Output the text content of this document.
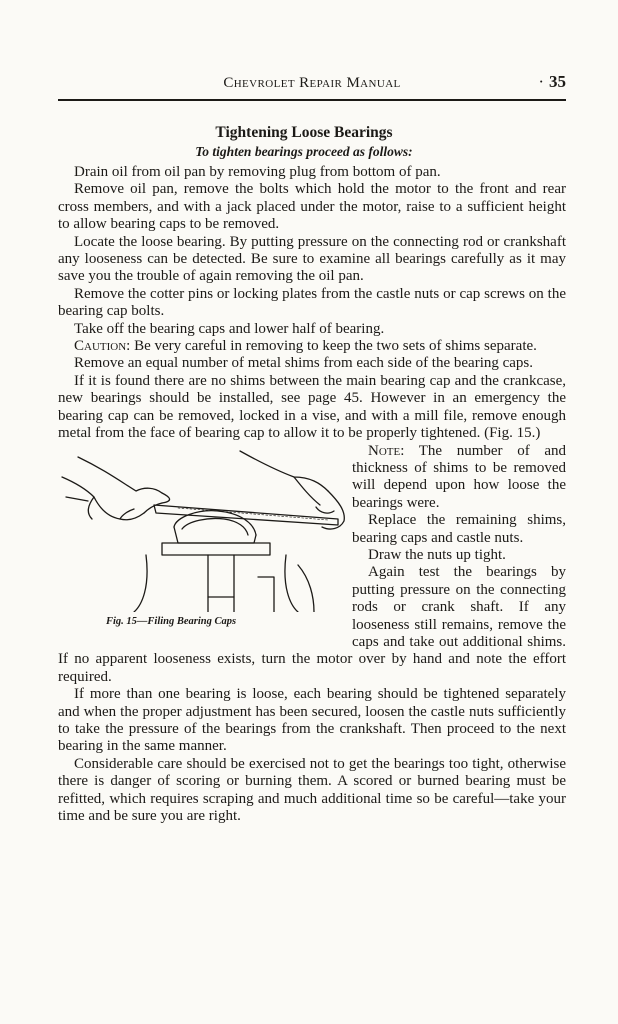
Chevrolet Repair Manual	· 35
Tightening Loose Bearings
To tighten bearings proceed as follows:

Drain oil from oil pan by removing plug from bottom of pan.

Remove oil pan, remove the bolts which hold the motor to the front and rear cross members, and with a jack placed under the motor, raise to a sufficient height to allow bearing caps to be removed.

Locate the loose bearing. By putting pressure on the connecting rod or crankshaft any looseness can be detected. Be sure to examine all bearings carefully as it may save you the trouble of again removing the oil pan.

Remove the cotter pins or locking plates from the castle nuts or cap screws on the bearing cap bolts.

Take off the bearing caps and lower half of bearing.

Caution: Be very careful in removing to keep the two sets of shims separate.

Remove an equal number of metal shims from each side of the bearing caps.

If it is found there are no shims between the main bearing cap and the crankcase, new bearings should be installed, see page 45. However in an emergency the bearing cap can be removed, locked in a vise, and with a mill file, remove enough metal from the face of bearing cap to allow it to be properly tightened. (Fig. 15.)

Fig. 15—Filing Bearing Caps

Note: The number of and thickness of shims to be removed will depend upon how loose the bearings were.

Replace the remaining shims, bearing caps and castle nuts.

Draw the nuts up tight.

Again test the bearings by putting pressure on the connecting rods or crank shaft. If any looseness still remains, remove the caps and take out additional shims. If no apparent looseness exists, turn the motor over by hand and note the effort required.

If more than one bearing is loose, each bearing should be tightened separately and when the proper adjustment has been secured, loosen the castle nuts sufficiently to take the pressure of the bearings from the crankshaft. Then proceed to the next bearing in the same manner.

Considerable care should be exercised not to get the bearings too tight, otherwise there is danger of scoring or burning them. A scored or burned bearing must be refitted, which requires scraping and much additional time so be careful—take your time and be sure you are right.
